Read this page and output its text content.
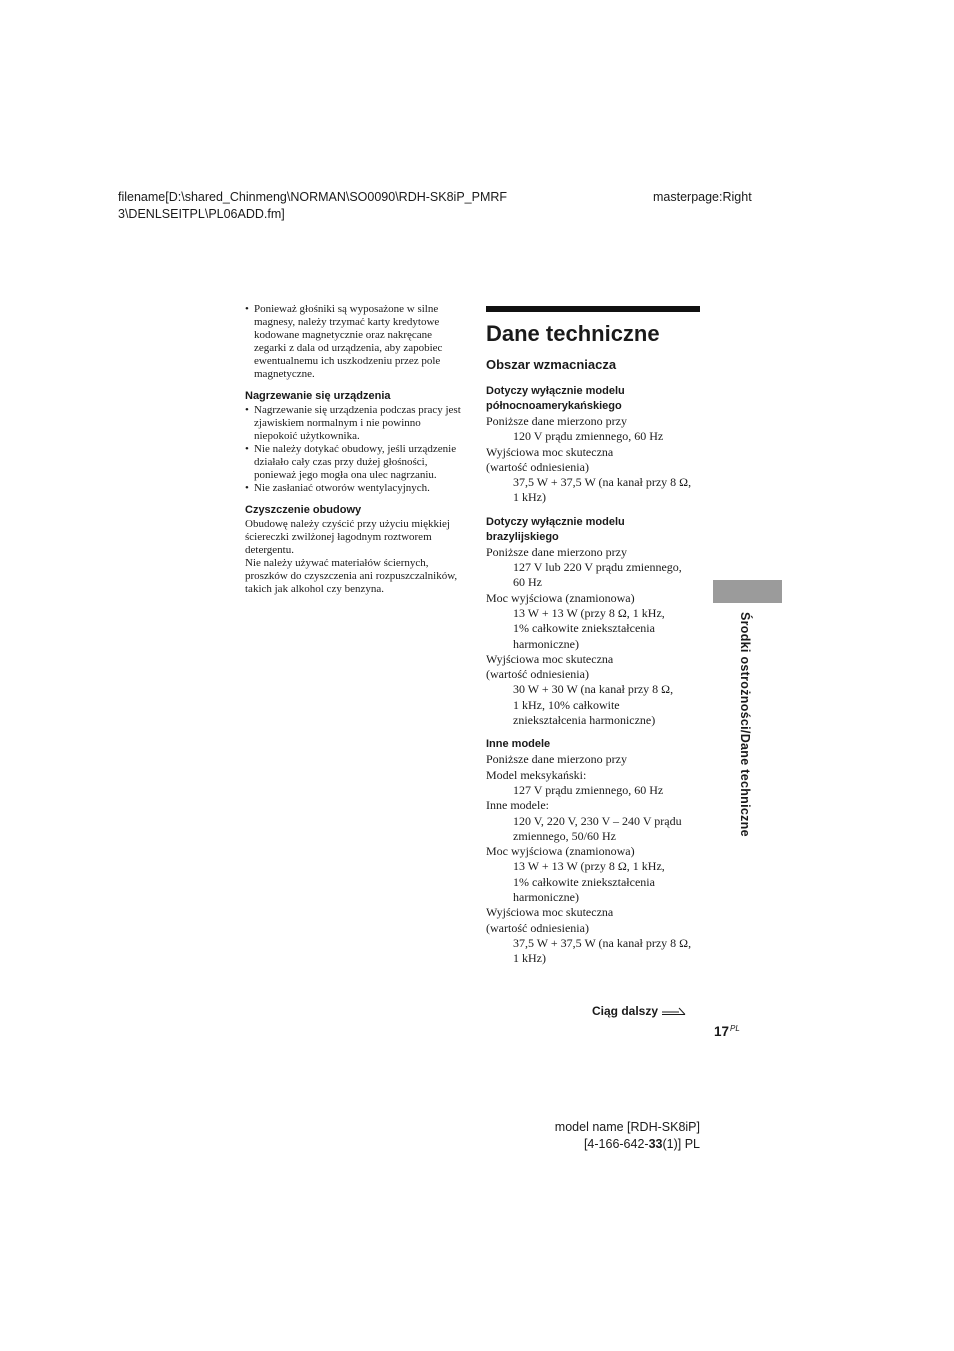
filename[D:\shared_Chinmeng\NORMAN\SO0090\RDH-SK8iP_PMRF
3\DENLSEITPL\PL06ADD.fm]
masterpage:Right
• Ponieważ głośniki są wyposażone w silne magnesy, należy trzymać karty kredytowe kodowane magnetycznie oraz nakręcane zegarki z dala od urządzenia, aby zapobiec ewentualnemu ich uszkodzeniu przez pole magnetyczne.
Nagrzewanie się urządzenia
• Nagrzewanie się urządzenia podczas pracy jest zjawiskiem normalnym i nie powinno niepokoić użytkownika.
• Nie należy dotykać obudowy, jeśli urządzenie działało cały czas przy dużej głośności, ponieważ jego mogła ona ulec nagrzaniu.
• Nie zasłaniać otworów wentylacyjnych.
Czyszczenie obudowy
Obudowę należy czyścić przy użyciu miękkiej ściereczki zwilżonej łagodnym roztworem detergentu.
Nie należy używać materiałów ściernych, proszków do czyszczenia ani rozpuszczalników, takich jak alkohol czy benzyna.
Dane techniczne
Obszar wzmacniacza
Dotyczy wyłącznie modelu
północnoamerykańskiego
Poniższe dane mierzono przy
120 V prądu zmiennego, 60 Hz
Wyjściowa moc skuteczna
(wartość odniesienia)
37,5 W + 37,5 W (na kanał przy 8 Ω,
1 kHz)
Dotyczy wyłącznie modelu
brazylijskiego
Poniższe dane mierzono przy
127 V lub 220 V prądu zmiennego,
60 Hz
Moc wyjściowa (znamionowa)
13 W + 13 W (przy 8 Ω, 1 kHz,
1% całkowite zniekształcenia
harmoniczne)
Wyjściowa moc skuteczna
(wartość odniesienia)
30 W + 30 W (na kanał przy 8 Ω,
1 kHz, 10% całkowite
zniekształcenia harmoniczne)
Inne modele
Poniższe dane mierzono przy
Model meksykański:
127 V prądu zmiennego, 60 Hz
Inne modele:
120 V, 220 V, 230 V – 240 V prądu
zmiennego, 50/60 Hz
Moc wyjściowa (znamionowa)
13 W + 13 W (przy 8 Ω, 1 kHz,
1% całkowite zniekształcenia
harmoniczne)
Wyjściowa moc skuteczna
(wartość odniesienia)
37,5 W + 37,5 W (na kanał przy 8 Ω,
1 kHz)
Środki ostrożności/Dane techniczne
Ciąg dalszy
$17^{PL}$
model name [RDH-SK8iP]
[4-166-642-33(1)] PL
